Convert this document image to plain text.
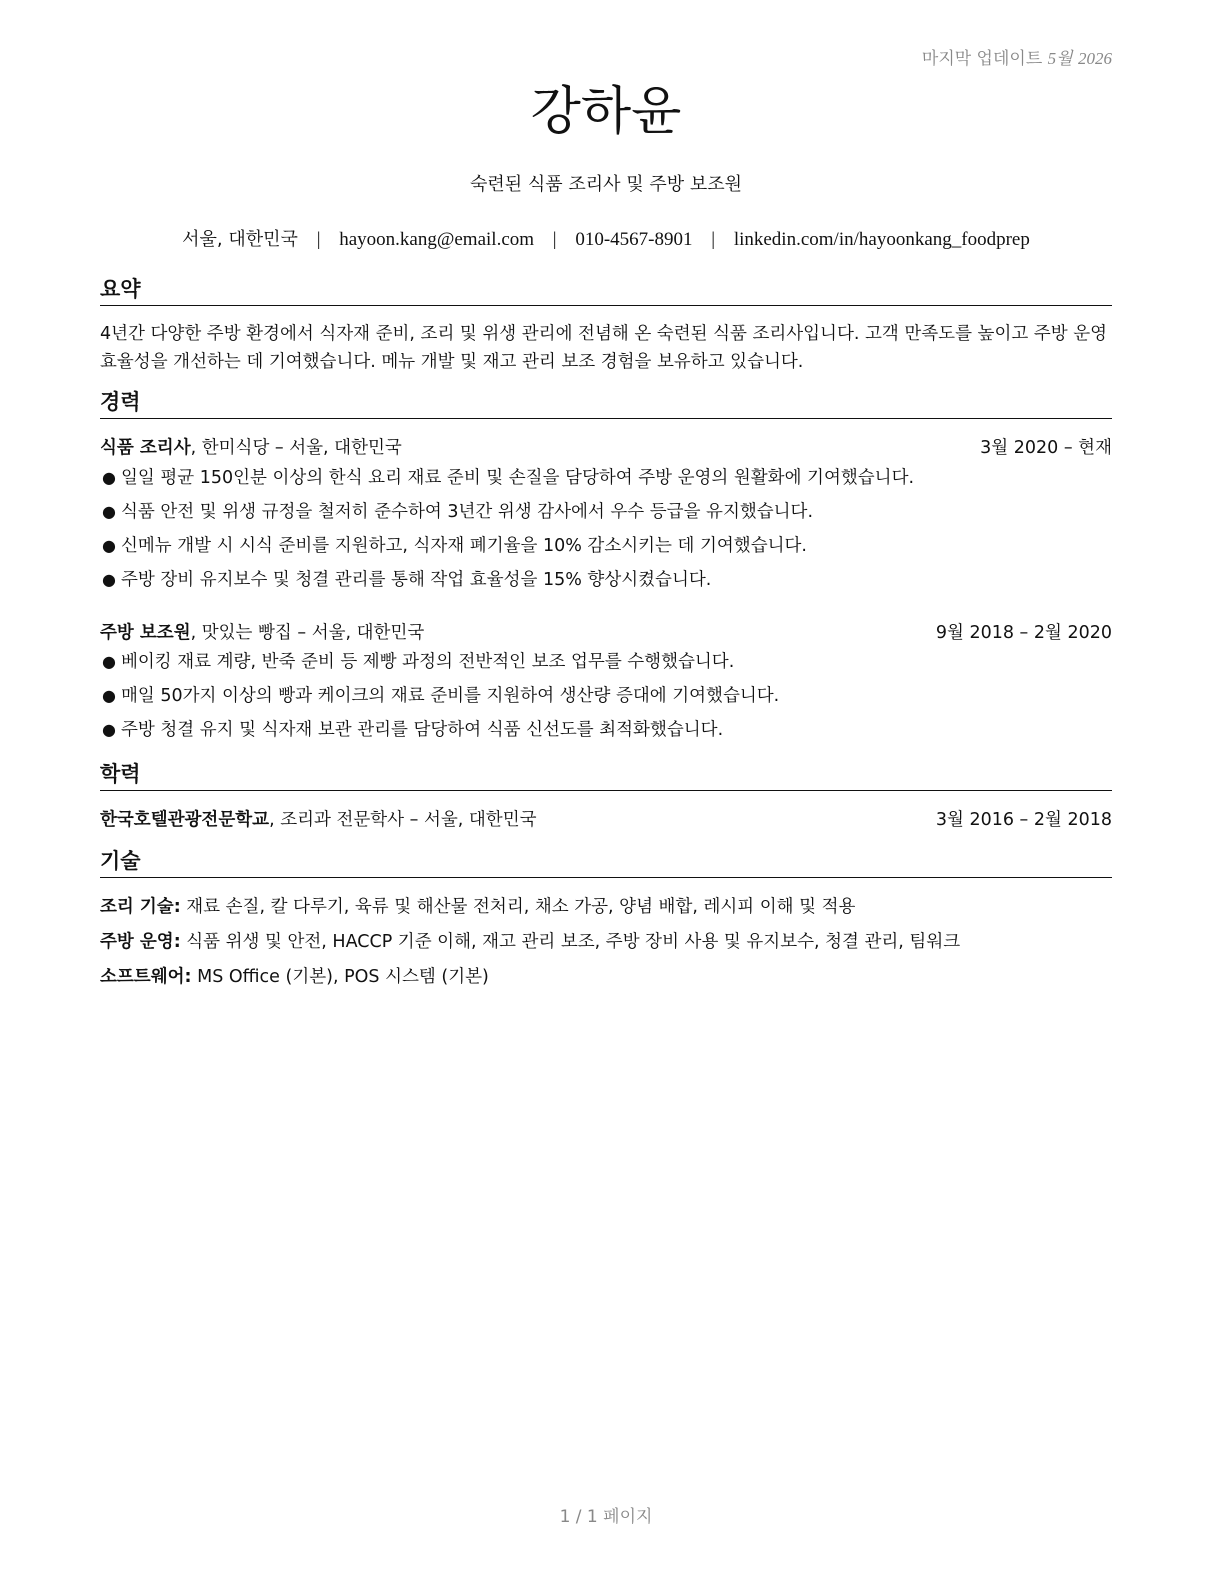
마지막 업데이트 5월 2026
강하윤
숙련된 식품 조리사 및 주방 보조원
서울, 대한민국 | hayoon.kang@email.com | 010-4567-8901 | linkedin.com/in/hayoonkang_foodprep
요약
4년간 다양한 주방 환경에서 식자재 준비, 조리 및 위생 관리에 전념해 온 숙련된 식품 조리사입니다. 고객 만족도를 높이고 주방 운영 효율성을 개선하는 데 기여했습니다. 메뉴 개발 및 재고 관리 보조 경험을 보유하고 있습니다.
경력
식품 조리사, 한미식당 – 서울, 대한민국	3월 2020 – 현재
● 일일 평균 150인분 이상의 한식 요리 재료 준비 및 손질을 담당하여 주방 운영의 원활화에 기여했습니다.
● 식품 안전 및 위생 규정을 철저히 준수하여 3년간 위생 감사에서 우수 등급을 유지했습니다.
● 신메뉴 개발 시 시식 준비를 지원하고, 식자재 폐기율을 10% 감소시키는 데 기여했습니다.
● 주방 장비 유지보수 및 청결 관리를 통해 작업 효율성을 15% 향상시켰습니다.
주방 보조원, 맛있는 빵집 – 서울, 대한민국	9월 2018 – 2월 2020
● 베이킹 재료 계량, 반죽 준비 등 제빵 과정의 전반적인 보조 업무를 수행했습니다.
● 매일 50가지 이상의 빵과 케이크의 재료 준비를 지원하여 생산량 증대에 기여했습니다.
● 주방 청결 유지 및 식자재 보관 관리를 담당하여 식품 신선도를 최적화했습니다.
학력
한국호텔관광전문학교, 조리과 전문학사 – 서울, 대한민국	3월 2016 – 2월 2018
기술
조리 기술: 재료 손질, 칼 다루기, 육류 및 해산물 전처리, 채소 가공, 양념 배합, 레시피 이해 및 적용
주방 운영: 식품 위생 및 안전, HACCP 기준 이해, 재고 관리 보조, 주방 장비 사용 및 유지보수, 청결 관리, 팀워크
소프트웨어: MS Office (기본), POS 시스템 (기본)
1 / 1 페이지
